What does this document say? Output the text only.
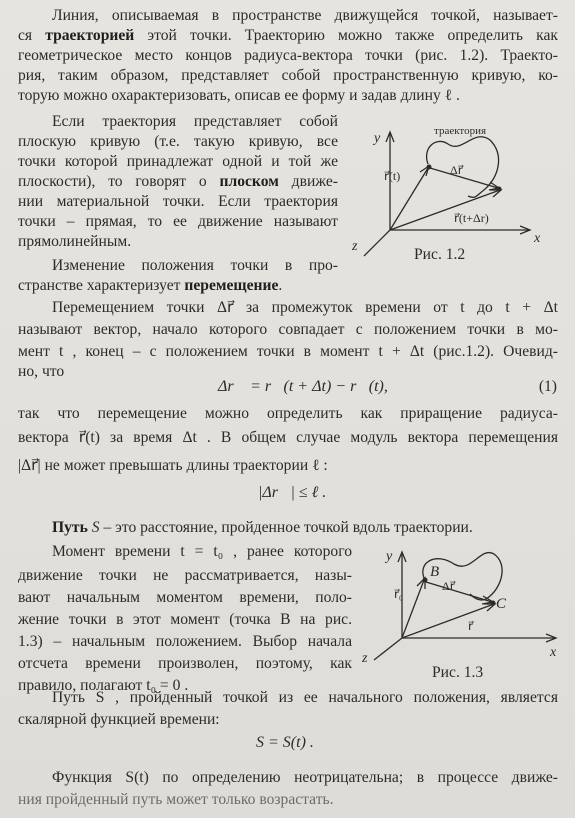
Линия, описываемая в пространстве движущейся точкой, называет-
ся траекторией этой точки. Траекторию можно также определить как
геометрическое место концов радиуса-вектора точки (рис. 1.2). Траекто-
рия, таким образом, представляет собой пространственную кривую, ко-
торую можно охарактеризовать, описав ее форму и задав длину ℓ .
Если траектория представляет собой
плоскую кривую (т.е. такую кривую, все
точки которой принадлежат одной и той же
плоскости), то говорят о плоском движе-
нии материальной точки. Если траектория
точки – прямая, то ее движение называют
прямолинейным.
Изменение положения точки в про-
странстве характеризует перемещение.
траектория
y
x
z
r⃗(t)	Δr⃗
r⃗(t+Δr)
Рис. 1.2
Перемещением точки Δr⃗ за промежуток времени от t до t + Δt
называют вектор, начало которого совпадает с положением точки в мо-
мент t , конец – с положением точки в момент t + Δt (рис.1.2). Очевид-
но, что
Δr⃗ = r⃗(t + Δt) − r⃗(t),	(1)
так что перемещение можно определить как приращение радиуса-
вектора r⃗(t) за время Δt . В общем случае модуль вектора перемещения
|Δr⃗| не может превышать длины траектории ℓ :
|Δr⃗| ≤ ℓ .
Путь S – это расстояние, пройденное точкой вдоль траектории.
Момент времени t = t₀ , ранее которого
движение точки не рассматривается, назы-
вают начальным моментом времени, поло-
жение точки в этот момент (точка B на рис.
1.3) – начальным положением. Выбор начала
отсчета времени произволен, поэтому, как
правило, полагают t₀ = 0 .
y
x
z
B
C
r⃗₀
Δr⃗
r⃗
Рис. 1.3
Путь S , пройденный точкой из ее начального положения, является
скалярной функцией времени:
S = S(t) .
Функция S(t) по определению неотрицательна; в процессе движе-
ния пройденный путь может только возрастать.
